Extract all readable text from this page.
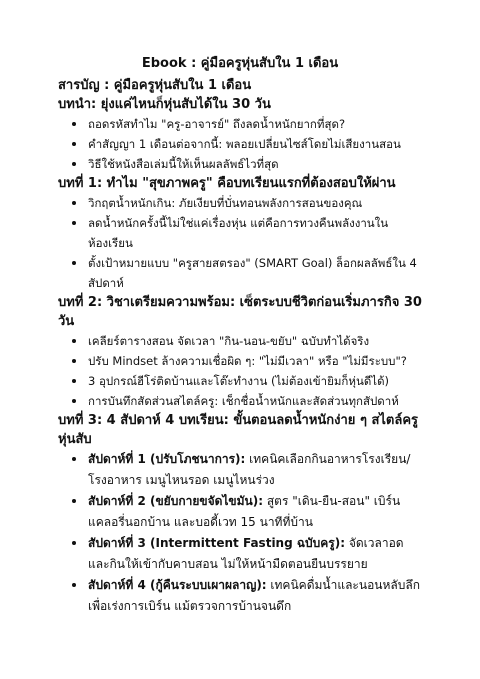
Ebook : คู่มือครูหุ่นสับใน 1 เดือน
สารบัญ : คู่มือครูหุ่นสับใน 1 เดือน
บทนำ: ยุ่งแค่ไหนก็หุ่นสับได้ใน 30 วัน
ถอดรหัสทำไม "ครู-อาจารย์" ถึงลดน้ำหนักยากที่สุด?
คำสัญญา 1 เดือนต่อจากนี้: พลอยเปลี่ยนไซส์โดยไม่เสียงานสอน
วิธีใช้หนังสือเล่มนี้ให้เห็นผลลัพธ์ไวที่สุด
บทที่ 1: ทำไม "สุขภาพครู" คือบทเรียนแรกที่ต้องสอบให้ผ่าน
วิกฤตน้ำหนักเกิน: ภัยเงียบที่บั่นทอนพลังการสอนของคุณ
ลดน้ำหนักครั้งนี้ไม่ใช่แค่เรื่องหุ่น แต่คือการทวงคืนพลังงานในห้องเรียน
ตั้งเป้าหมายแบบ "ครูสายสตรอง" (SMART Goal) ล็อกผลลัพธ์ใน 4 สัปดาห์
บทที่ 2: วิชาเตรียมความพร้อม: เซ็ตระบบชีวิตก่อนเริ่มภารกิจ 30 วัน
เคลียร์ตารางสอน จัดเวลา "กิน-นอน-ขยับ" ฉบับทำได้จริง
ปรับ Mindset ล้างความเชื่อผิด ๆ: "ไม่มีเวลา" หรือ "ไม่มีระบบ"?
3 อุปกรณ์ฮีโร่ติดบ้านและโต๊ะทำงาน (ไม่ต้องเข้ายิมก็หุ่นดีได้)
การบันทึกสัดส่วนสไตล์ครู: เช็กชื่อน้ำหนักและสัดส่วนทุกสัปดาห์
บทที่ 3: 4 สัปดาห์ 4 บทเรียน: ขั้นตอนลดน้ำหนักง่าย ๆ สไตล์ครูหุ่นสับ
สัปดาห์ที่ 1 (ปรับโภชนาการ): เทคนิคเลือกกินอาหารโรงเรียน/โรงอาหาร เมนูไหนรอด เมนูไหนร่วง
สัปดาห์ที่ 2 (ขยับกายขจัดไขมัน): สูตร "เดิน-ยืน-สอน" เบิร์นแคลอรี่นอกบ้าน และบอดี้เวท 15 นาทีที่บ้าน
สัปดาห์ที่ 3 (Intermittent Fasting ฉบับครู): จัดเวลาอดและกินให้เข้ากับคาบสอน ไม่ให้หน้ามืดตอนยืนบรรยาย
สัปดาห์ที่ 4 (กู้คืนระบบเผาผลาญ): เทคนิคดื่มน้ำและนอนหลับลึกเพื่อเร่งการเบิร์น แม้ตรวจการบ้านจนดึก
